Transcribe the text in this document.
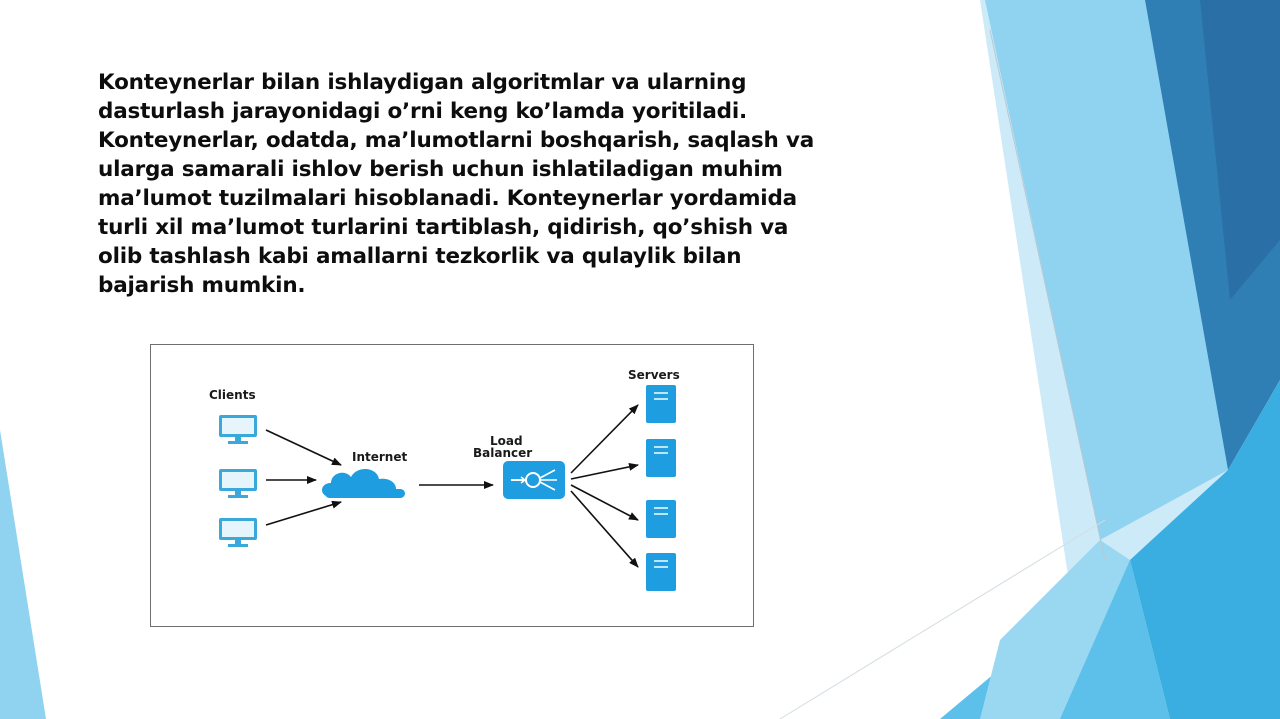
Konteynerlar bilan ishlaydigan algoritmlar va ularning dasturlash jarayonidagi o’rni keng ko’lamda yoritiladi. Konteynerlar, odatda, ma’lumotlarni boshqarish, saqlash va ularga samarali ishlov berish uchun ishlatiladigan muhim ma’lumot tuzilmalari hisoblanadi. Konteynerlar yordamida turli xil ma’lumot turlarini tartiblash, qidirish, qo’shish va olib tashlash kabi amallarni tezkorlik va qulaylik bilan bajarish mumkin.

Clients
Internet
Load
Balancer
Servers
